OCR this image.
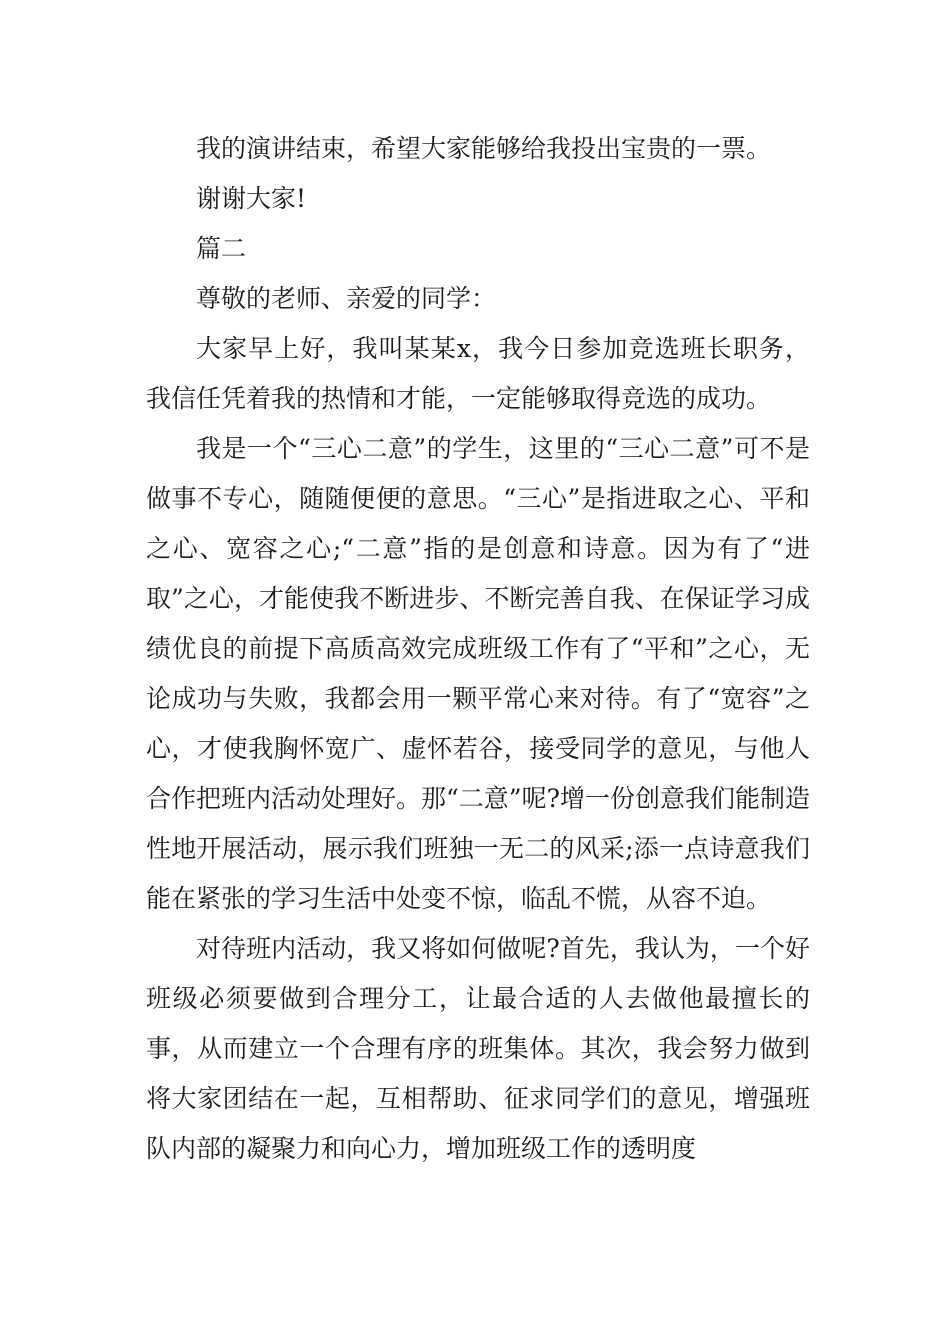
我的演讲结束，希望大家能够给我投出宝贵的一票。

谢谢大家!

篇二

尊敬的老师、亲爱的同学：

大家早上好，我叫某某x，我今日参加竞选班长职务，我信任凭着我的热情和才能，一定能够取得竞选的成功。

我是一个“三心二意”的学生，这里的“三心二意”可不是做事不专心，随随便便的意思。“三心”是指进取之心、平和之心、宽容之心;“二意”指的是创意和诗意。因为有了“进取”之心，才能使我不断进步、不断完善自我、在保证学习成绩优良的前提下高质高效完成班级工作有了“平和”之心，无论成功与失败，我都会用一颗平常心来对待。有了“宽容”之心，才使我胸怀宽广、虚怀若谷，接受同学的意见，与他人合作把班内活动处理好。那“二意”呢?增一份创意我们能制造性地开展活动，展示我们班独一无二的风采;添一点诗意我们能在紧张的学习生活中处变不惊，临乱不慌，从容不迫。

对待班内活动，我又将如何做呢?首先，我认为，一个好班级必须要做到合理分工，让最合适的人去做他最擅长的事，从而建立一个合理有序的班集体。其次，我会努力做到将大家团结在一起，互相帮助、征求同学们的意见，增强班队内部的凝聚力和向心力，增加班级工作的透明度
